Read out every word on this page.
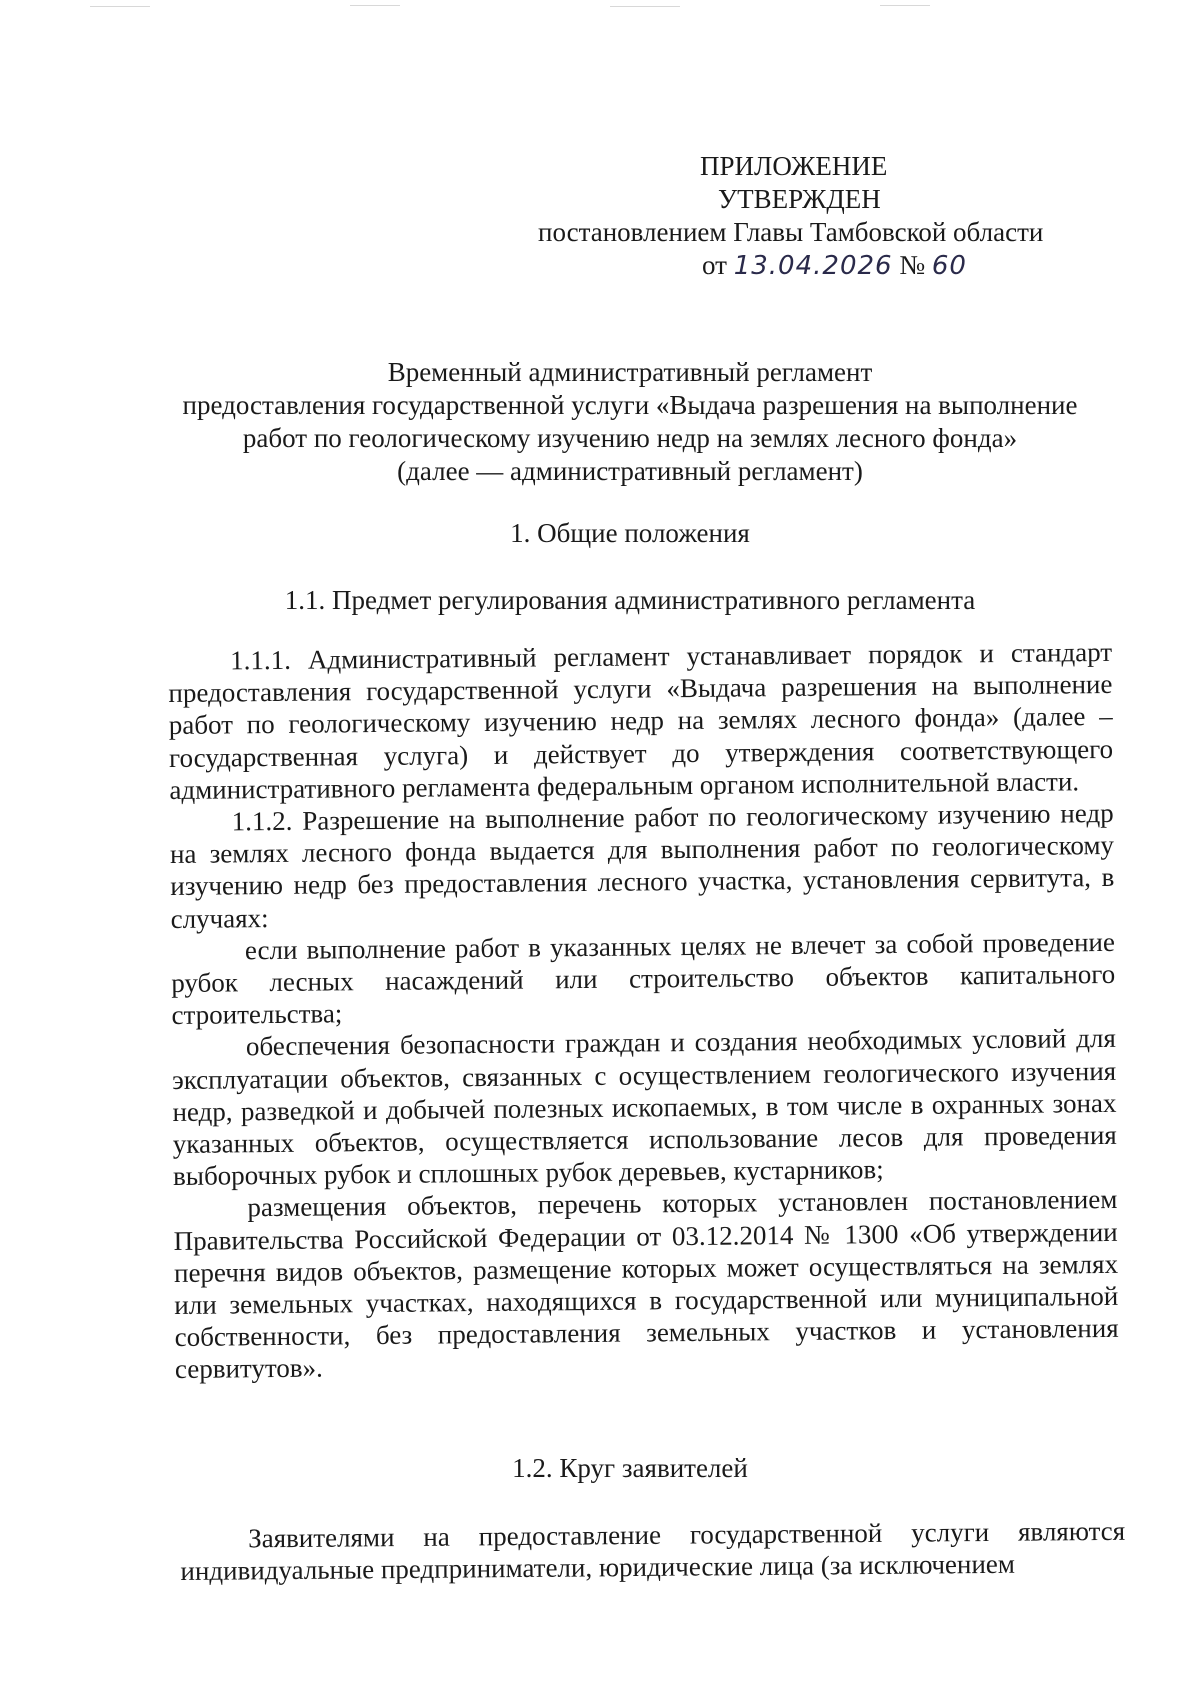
ПРИЛОЖЕНИЕ
УТВЕРЖДЕН
постановлением Главы Тамбовской области
от 13.04.2026 № 60
Временный административный регламент
предоставления государственной услуги «Выдача разрешения на выполнение
работ по геологическому изучению недр на землях лесного фонда»
(далее — административный регламент)
1. Общие положения
1.1. Предмет регулирования административного регламента

1.1.1. Административный регламент устанавливает порядок и стандарт предоставления государственной услуги «Выдача разрешения на выполнение работ по геологическому изучению недр на землях лесного фонда» (далее – государственная услуга) и действует до утверждения соответствующего административного регламента федеральным органом исполнительной власти.

1.1.2. Разрешение на выполнение работ по геологическому изучению недр на землях лесного фонда выдается для выполнения работ по геологическому изучению недр без предоставления лесного участка, установления сервитута, в случаях:

если выполнение работ в указанных целях не влечет за собой проведение рубок лесных насаждений или строительство объектов капитального строительства;

обеспечения безопасности граждан и создания необходимых условий для эксплуатации объектов, связанных с осуществлением геологического изучения недр, разведкой и добычей полезных ископаемых, в том числе в охранных зонах указанных объектов, осуществляется использование лесов для проведения выборочных рубок и сплошных рубок деревьев, кустарников;

размещения объектов, перечень которых установлен постановлением Правительства Российской Федерации от 03.12.2014 № 1300 «Об утверждении перечня видов объектов, размещение которых может осуществляться на землях или земельных участках, находящихся в государственной или муниципальной собственности, без предоставления земельных участков и установления сервитутов».

1.2. Круг заявителей

Заявителями на предоставление государственной услуги являются индивидуальные предприниматели, юридические лица (за исключением
